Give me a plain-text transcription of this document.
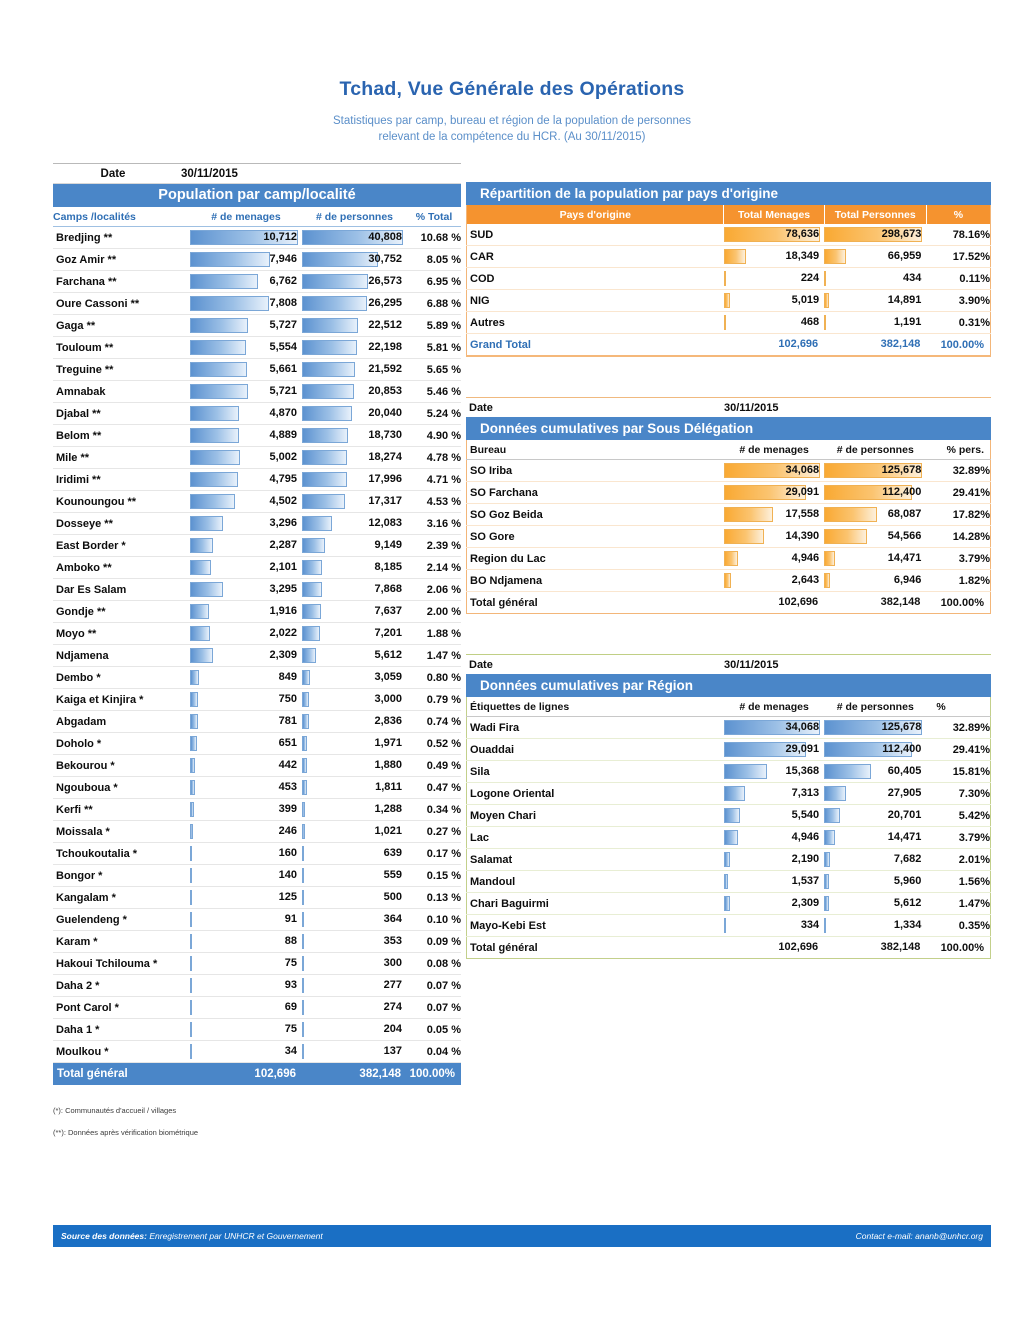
Tchad, Vue Générale des Opérations
Statistiques par camp, bureau et région de la population de personnes
relevant de la compétence du HCR. (Au 30/11/2015)
Date	30/11/2015
Population par camp/localité
Camps /localités	# de menages	# de personnes	% Total
Bredjing **	10,712	40,808	10.68 %
Goz Amir **	7,946	30,752	8.05 %
Farchana **	6,762	26,573	6.95 %
Oure Cassoni **	7,808	26,295	6.88 %
Gaga **	5,727	22,512	5.89 %
Touloum **	5,554	22,198	5.81 %
Treguine **	5,661	21,592	5.65 %
Amnabak	5,721	20,853	5.46 %
Djabal **	4,870	20,040	5.24 %
Belom **	4,889	18,730	4.90 %
Mile **	5,002	18,274	4.78 %
Iridimi **	4,795	17,996	4.71 %
Kounoungou **	4,502	17,317	4.53 %
Dosseye **	3,296	12,083	3.16 %
East Border *	2,287	9,149	2.39 %
Amboko **	2,101	8,185	2.14 %
Dar Es Salam	3,295	7,868	2.06 %
Gondje **	1,916	7,637	2.00 %
Moyo **	2,022	7,201	1.88 %
Ndjamena	2,309	5,612	1.47 %
Dembo *	849	3,059	0.80 %
Kaiga et Kinjira *	750	3,000	0.79 %
Abgadam	781	2,836	0.74 %
Doholo *	651	1,971	0.52 %
Bekourou *	442	1,880	0.49 %
Ngouboua *	453	1,811	0.47 %
Kerfi **	399	1,288	0.34 %
Moissala *	246	1,021	0.27 %
Tchoukoutalia *	160	639	0.17 %
Bongor *	140	559	0.15 %
Kangalam *	125	500	0.13 %
Guelendeng *	91	364	0.10 %
Karam *	88	353	0.09 %
Hakoui Tchilouma *	75	300	0.08 %
Daha 2 *	93	277	0.07 %
Pont Carol *	69	274	0.07 %
Daha 1 *	75	204	0.05 %
Moulkou *	34	137	0.04 %
Total général	102,696	382,148	100.00%
Répartition de la population par pays d'origine
Pays d'origine	Total Menages	Total Personnes	%
SUD	78,636	298,673	78.16%
CAR	18,349	66,959	17.52%
COD	224	434	0.11%
NIG	5,019	14,891	3.90%
Autres	468	1,191	0.31%
Grand Total	102,696	382,148	100.00%
Date	30/11/2015
Données cumulatives par Sous Délégation
Bureau	# de menages	# de personnes	% pers.
SO Iriba	34,068	125,678	32.89%
SO Farchana	29,091	112,400	29.41%
SO Goz Beida	17,558	68,087	17.82%
SO Gore	14,390	54,566	14.28%
Region du Lac	4,946	14,471	3.79%
BO Ndjamena	2,643	6,946	1.82%
Total général	102,696	382,148	100.00%
Date	30/11/2015
Données cumulatives par Région
Étiquettes de lignes	# de menages	# de personnes	%
Wadi Fira	34,068	125,678	32.89%
Ouaddai	29,091	112,400	29.41%
Sila	15,368	60,405	15.81%
Logone Oriental	7,313	27,905	7.30%
Moyen Chari	5,540	20,701	5.42%
Lac	4,946	14,471	3.79%
Salamat	2,190	7,682	2.01%
Mandoul	1,537	5,960	1.56%
Chari Baguirmi	2,309	5,612	1.47%
Mayo-Kebi Est	334	1,334	0.35%
Total général	102,696	382,148	100.00%
(*): Communautés d'accueil / villages
(**): Données après vérification biométrique
Source des données: Enregistrement par UNHCR et Gouvernement	Contact e-mail: ananb@unhcr.org
